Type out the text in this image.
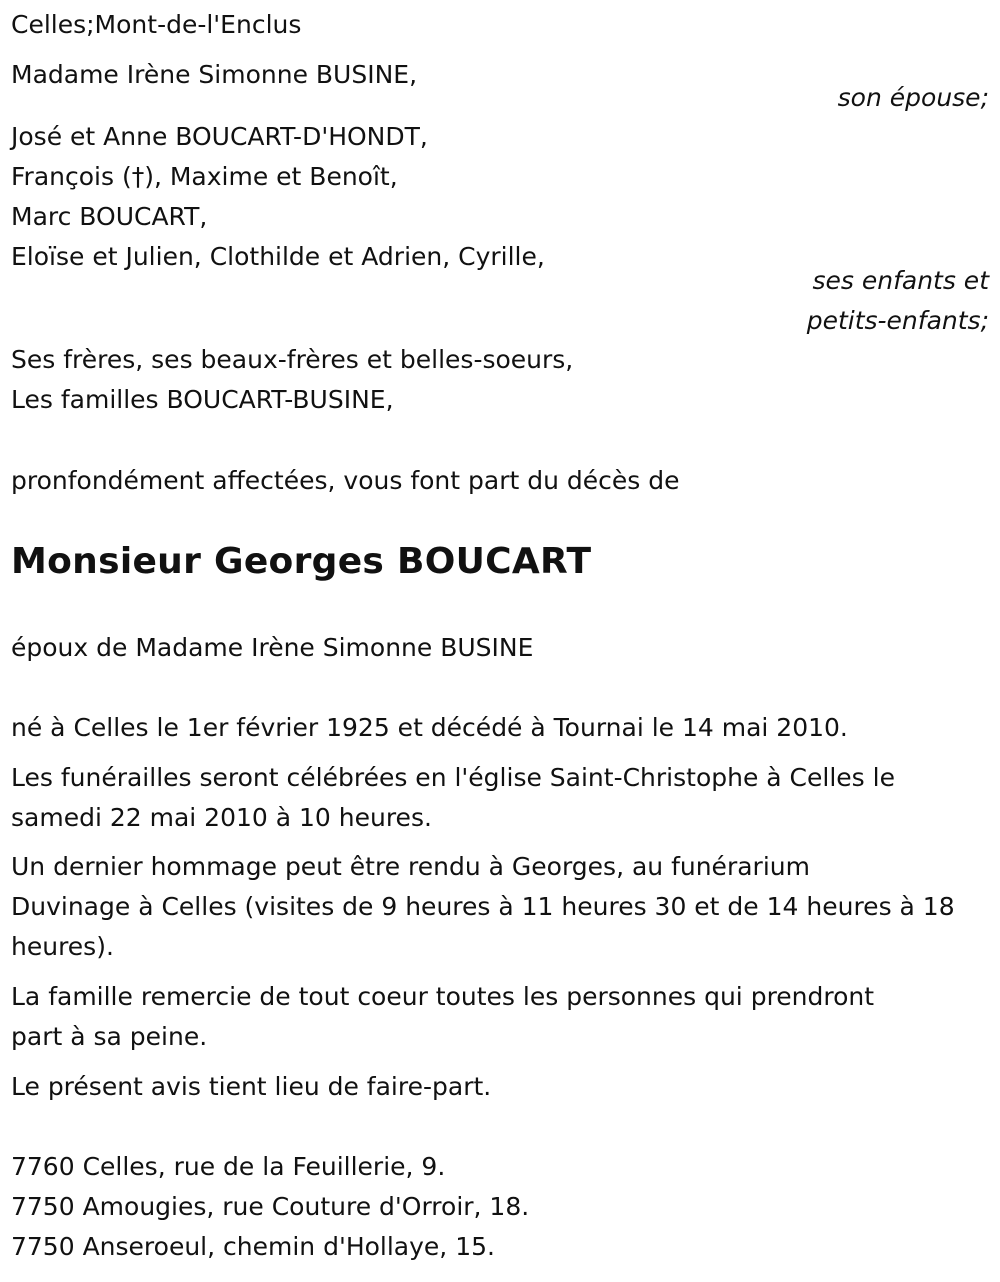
Celles;Mont-de-l'Enclus
Madame Irène Simonne BUSINE,
son épouse;
José et Anne BOUCART-D'HONDT,
François (†), Maxime et Benoît,
Marc BOUCART,
Eloïse et Julien, Clothilde et Adrien, Cyrille,
ses enfants et
petits-enfants;
Ses frères, ses beaux-frères et belles-soeurs,
Les familles BOUCART-BUSINE,
pronfondément affectées, vous font part du décès de
Monsieur Georges BOUCART
époux de Madame Irène Simonne BUSINE
né à Celles le 1er février 1925 et décédé à Tournai le 14 mai 2010.
Les funérailles seront célébrées en l'église Saint-Christophe à Celles le
samedi 22 mai 2010 à 10 heures.
Un dernier hommage peut être rendu à Georges, au funérarium
Duvinage à Celles (visites de 9 heures à 11 heures 30 et de 14 heures à 18
heures).
La famille remercie de tout coeur toutes les personnes qui prendront
part à sa peine.
Le présent avis tient lieu de faire-part.
7760 Celles, rue de la Feuillerie, 9.
7750 Amougies, rue Couture d'Orroir, 18.
7750 Anseroeul, chemin d'Hollaye, 15.
